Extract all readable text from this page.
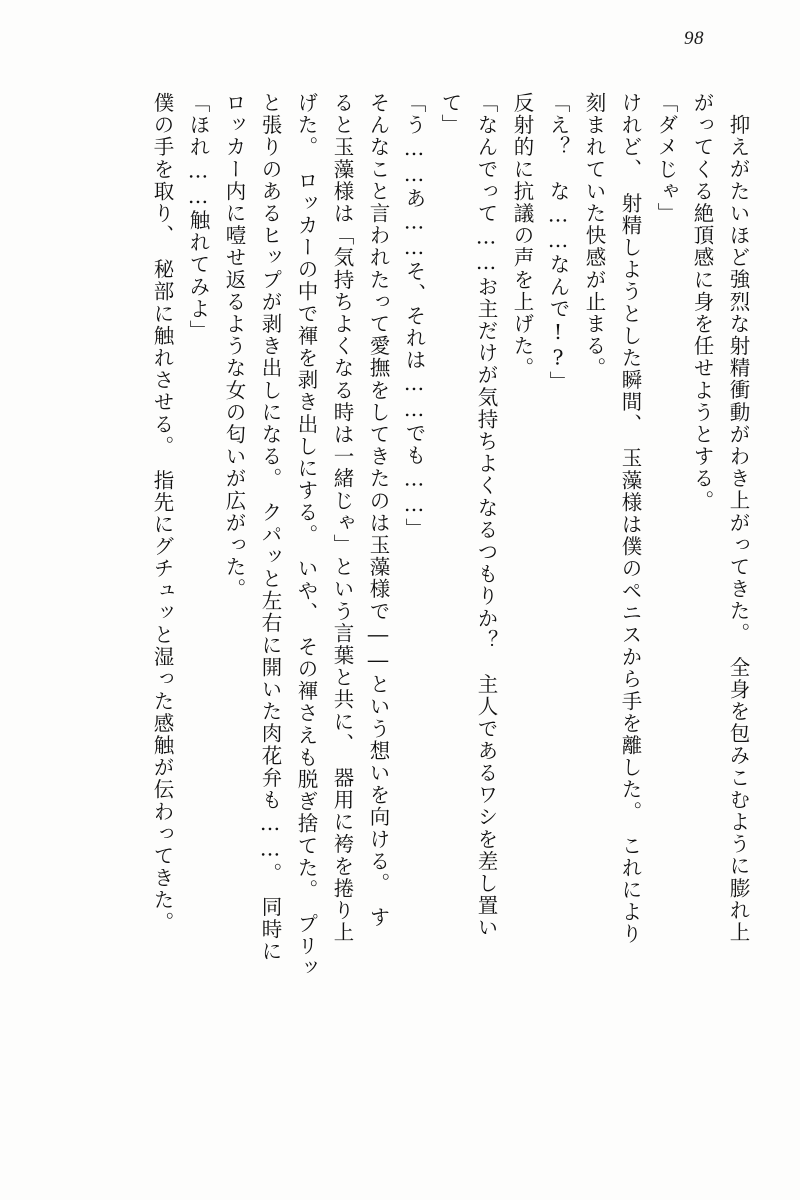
98
抑えがたいほど強烈な射精衝動がわき上がってきた。　全身を包みこむように膨れ上
がってくる絶頂感に身を任せようとする。
「ダメじゃ」
けれど、　射精しようとした瞬間、　玉藻様は僕のペニスから手を離した。　これにより
刻まれていた快感が止まる。
「え？　な……なんで!?」
反射的に抗議の声を上げた。
「なんでって……お主だけが気持ちよくなるつもりか？　主人であるワシを差し置い
て」
「う……あ……そ、それは……でも……」
そんなこと言われたって愛撫をしてきたのは玉藻様で――という想いを向ける。　す
ると玉藻様は「気持ちよくなる時は一緒じゃ」という言葉と共に、　器用に袴を捲り上
げた。　ロッカーの中で褌を剥き出しにする。　いや、　その褌さえも脱ぎ捨てた。　プリッ
と張りのあるヒップが剥き出しになる。　クパッと左右に開いた肉花弁も……。　同時に
ロッカー内に噎せ返るような女の匂いが広がった。
「ほれ……触れてみよ」
僕の手を取り、　秘部に触れさせる。　指先にグチュッと湿った感触が伝わってきた。
